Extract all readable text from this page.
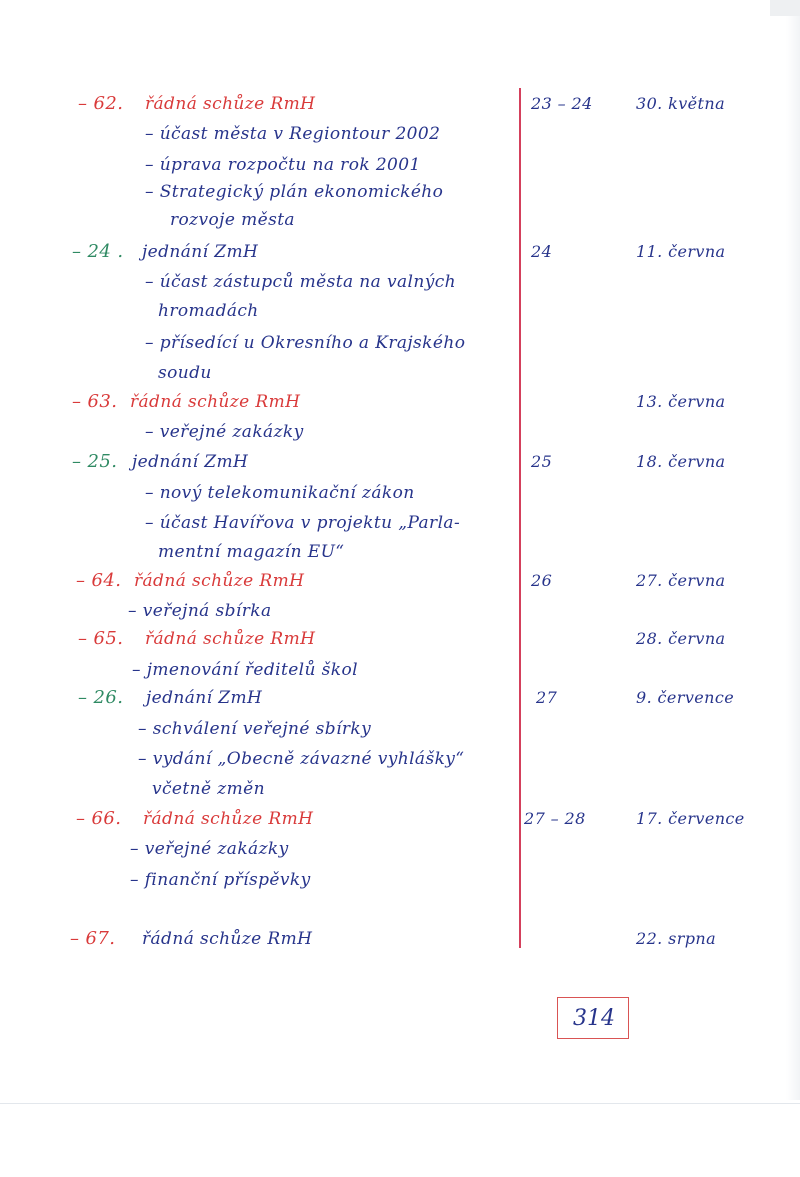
– 62. řádná schůze RmH	23 – 24	30. května
– účast města v Regiontour 2002
– úprava rozpočtu na rok 2001
– Strategický plán ekonomického
rozvoje města
– 24 . jednání ZmH	24	11. června
– účast zástupců města na valných
hromadách
– přísedící u Okresního a Krajského
soudu
– 63. řádná schůze RmH	13. června
– veřejné zakázky
– 25. jednání ZmH	25	18. června
– nový telekomunikační zákon
– účast Havířova v projektu „Parla-
mentní magazín EU“
– 64. řádná schůze RmH	26	27. června
– veřejná sbírka
– 65. řádná schůze RmH	28. června
– jmenování ředitelů škol
– 26. jednání ZmH	27	9. července
– schválení veřejné sbírky
– vydání „Obecně závazné vyhlášky“
včetně změn
– 66. řádná schůze RmH	27 – 28	17. července
– veřejné zakázky
– finanční příspěvky
– 67. řádná schůze RmH	22. srpna
314
